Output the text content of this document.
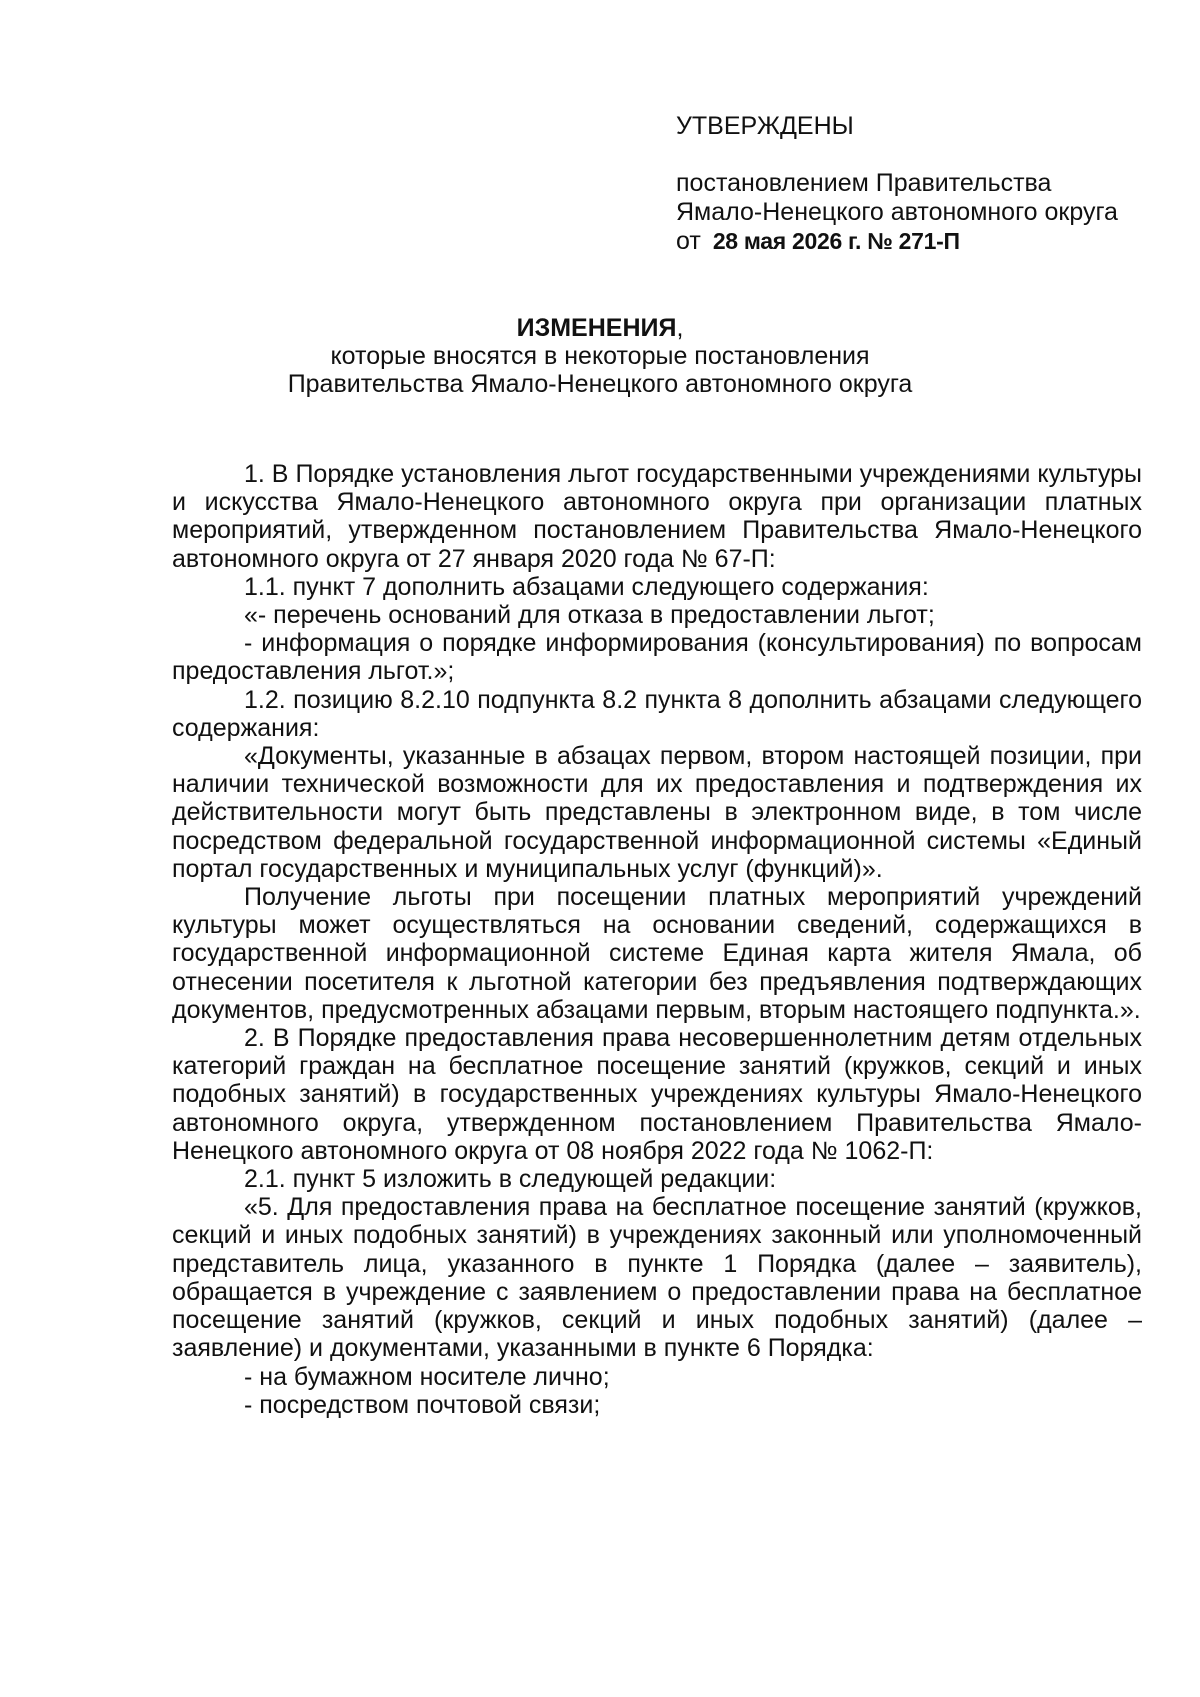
УТВЕРЖДЕНЫ

постановлением Правительства

Ямало-Ненецкого автономного округа

от 28 мая 2026 г. № 271-П

ИЗМЕНЕНИЯ,

которые вносятся в некоторые постановления

Правительства Ямало-Ненецкого автономного округа

1. В Порядке установления льгот государственными учреждениями культуры и искусства Ямало-Ненецкого автономного округа при организации платных мероприятий, утвержденном постановлением Правительства Ямало-Ненецкого автономного округа от 27 января 2020 года № 67-П:

1.1. пункт 7 дополнить абзацами следующего содержания:

«- перечень оснований для отказа в предоставлении льгот;

- информация о порядке информирования (консультирования) по вопросам предоставления льгот.»;

1.2. позицию 8.2.10 подпункта 8.2 пункта 8 дополнить абзацами следующего содержания:

«Документы, указанные в абзацах первом, втором настоящей позиции, при наличии технической возможности для их предоставления и подтверждения их действительности могут быть представлены в электронном виде, в том числе посредством федеральной государственной информационной системы «Единый портал государственных и муниципальных услуг (функций)».

Получение льготы при посещении платных мероприятий учреждений культуры может осуществляться на основании сведений, содержащихся в государственной информационной системе Единая карта жителя Ямала, об отнесении посетителя к льготной категории без предъявления подтверждающих документов, предусмотренных абзацами первым, вторым настоящего подпункта.».

2. В Порядке предоставления права несовершеннолетним детям отдельных категорий граждан на бесплатное посещение занятий (кружков, секций и иных подобных занятий) в государственных учреждениях культуры Ямало-Ненецкого автономного округа, утвержденном постановлением Правительства Ямало-Ненецкого автономного округа от 08 ноября 2022 года № 1062-П:

2.1. пункт 5 изложить в следующей редакции:

«5. Для предоставления права на бесплатное посещение занятий (кружков, секций и иных подобных занятий) в учреждениях законный или уполномоченный представитель лица, указанного в пункте 1 Порядка (далее – заявитель), обращается в учреждение с заявлением о предоставлении права на бесплатное посещение занятий (кружков, секций и иных подобных занятий) (далее – заявление) и документами, указанными в пункте 6 Порядка:

- на бумажном носителе лично;

- посредством почтовой связи;
